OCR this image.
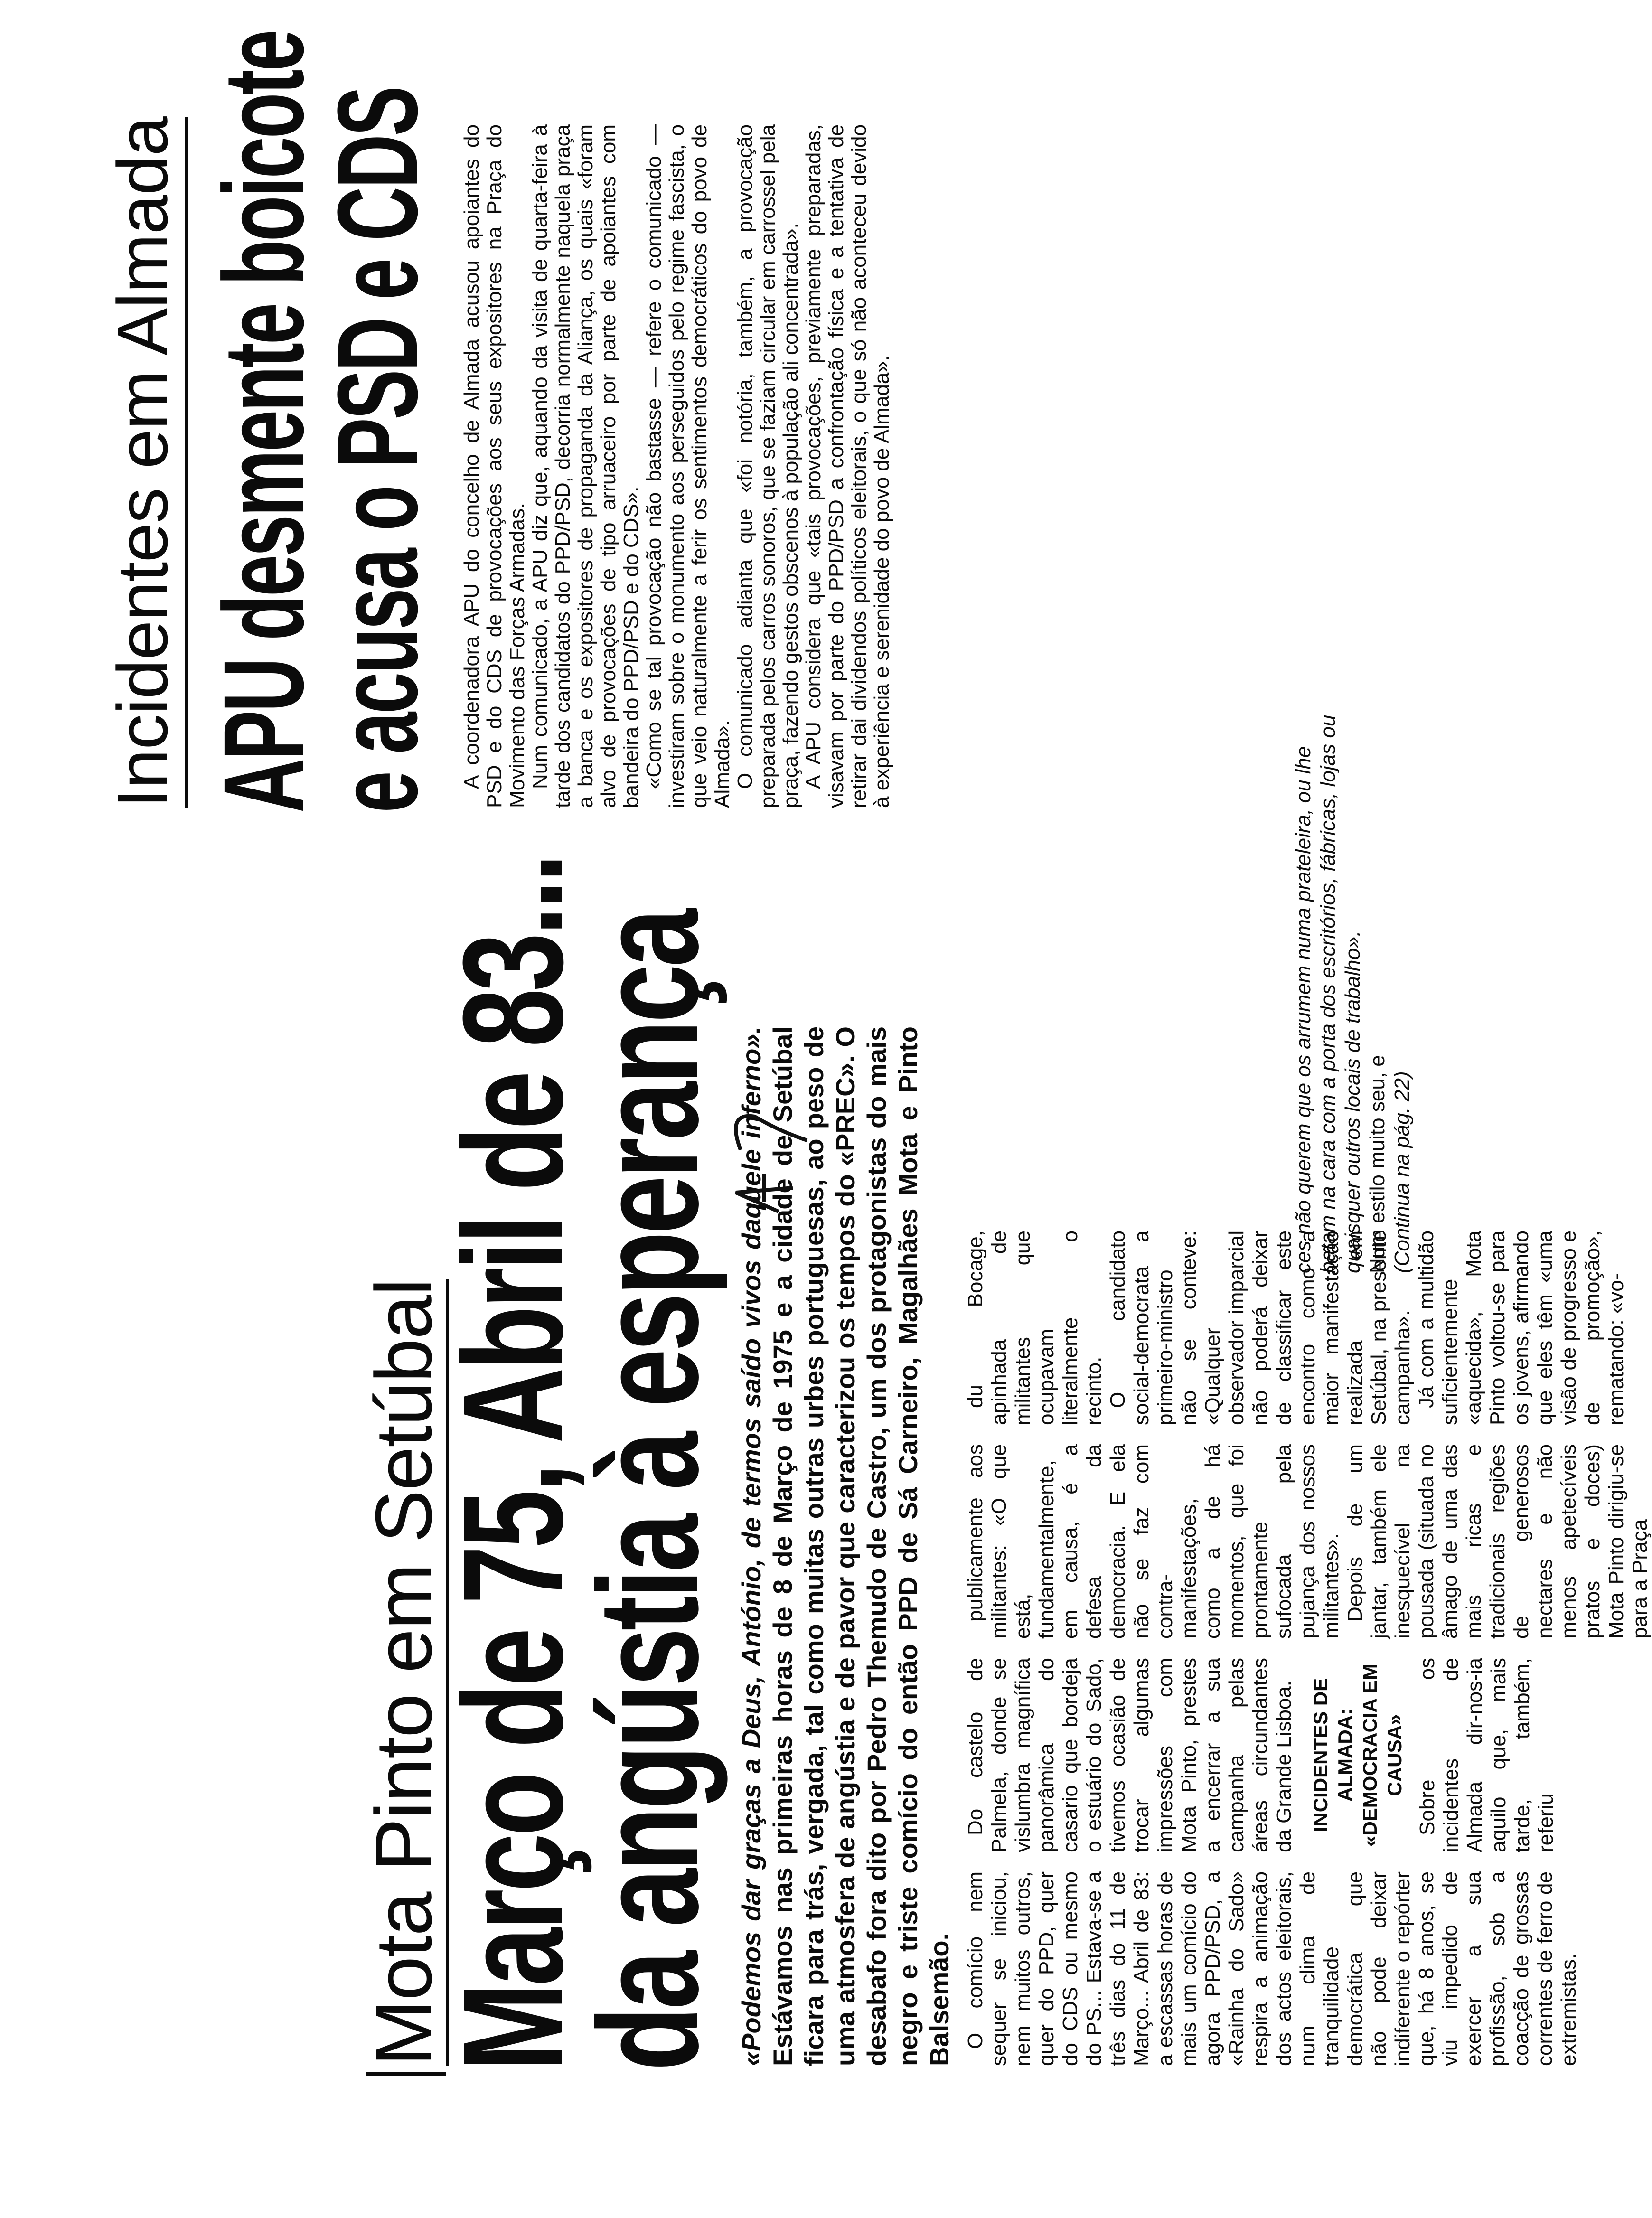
Mota Pinto em Setúbal
Março de 75, Abril de 83...
da angústia à esperança «Podemos dar graças a Deus, António, de termos saído vivos daquele inferno». Estávamos nas primeiras horas de 8 de Março de 1975 e a cidade de Setúbal ficara para trás, vergada, tal como muitas outras urbes portuguesas, ao peso de uma atmosfera de angústia e de pavor que caracterizou os tempos do «PREC». O desabafo fora dito por Pedro Themudo de Castro, um dos protagonistas do mais negro e triste comício do então PPD de Sá Carneiro, Magalhães Mota e Pinto Balsemão. O comício nem sequer se iniciou, nem muitos outros, quer do PPD, quer do CDS ou mesmo do PS... Estava-se a três dias do 11 de Março... Abril de 83: a escassas horas de mais um comício do agora PPD/PSD, a «Rainha do Sado» respira a animação dos actos eleitorais, num clima de tranquilidade democrática que não pode deixar indiferente o repórter que, há 8 anos, se viu impedido de exercer a sua profissão, sob a coacção de grossas correntes de ferro de extremistas.

Do castelo de Palmela, donde se vislumbra magnífica panorâmica do casario que bordeja o estuário do Sado, tivemos ocasião de trocar algumas impressões com Mota Pinto, prestes a encerrar a sua campanha pelas áreas circundantes da Grande Lisboa. INCIDENTES DE ALMADA: «DEMOCRACIA EM CAUSA» Sobre os incidentes de Almada dir-nos-ia aquilo que, mais tarde, também, referiu

publicamente aos militantes: «O que está, fundamentalmente, em causa, é a defesa da democracia. E ela não se faz com contra-manifestações, como a de há momentos, que foi prontamente sufocada pela pujança dos nossos militantes». Depois de um jantar, também ele inesquecível na pousada (situada no âmago de uma das mais ricas e tradicionais regiões de generosos nectares e não menos apetecíveis pratos e doces) Mota Pinto dirigiu-se para a Praça

du Bocage, apinhada de militantes que ocupavam literalmente o recinto. O candidato social-democrata a primeiro-ministro não se conteve: «Qualquer observador imparcial não poderá deixar de classificar este encontro como a maior manifestação realizada em Setúbal, na presente campanha». Já com a multidão suficientemente «aquecida», Mota Pinto voltou-se para os jovens, afirmando que eles têm «uma visão de progresso e de promoção», rematando: «vo-

Incidentes em Almada APU desmente boicote
e acusa o PSD e CDS A coordenadora APU do concelho de Almada acusou apoiantes do PSD e do CDS de provocações aos seus expositores na Praça do Movimento das Forças Armadas. Num comunicado, a APU diz que, aquando da visita de quarta-feira à tarde dos candidatos do PPD/PSD, decorria normalmente naquela praça a banca e os expositores de propaganda da Aliança, os quais «foram alvo de provocações de tipo arruaceiro por parte de apoiantes com bandeira do PPD/PSD e do CDS». «Como se tal provocação não bastasse — refere o comunicado — investiram sobre o monumento aos perseguidos pelo regime fascista, o que veio naturalmente a ferir os sentimentos democráticos do povo de Almada». O comunicado adianta que «foi notória, também, a provocação preparada pelos carros sonoros, que se faziam circular em carrossel pela praça, fazendo gestos obscenos à população ali concentrada». A APU considera que «tais provocações, previamente preparadas, visavam por parte do PPD/PSD a confrontação física e a tentativa de retirar dai dividendos políticos eleitorais, o que só não aconteceu devido à experiência e serenidade do povo de Almada».

ces não querem que os arrumem numa prateleira, ou lhe batam na cara com a porta dos escritórios, fábricas, lojas ou quaisquer outros locais de trabalho». Num estilo muito seu, e (Continua na pág. 22)
